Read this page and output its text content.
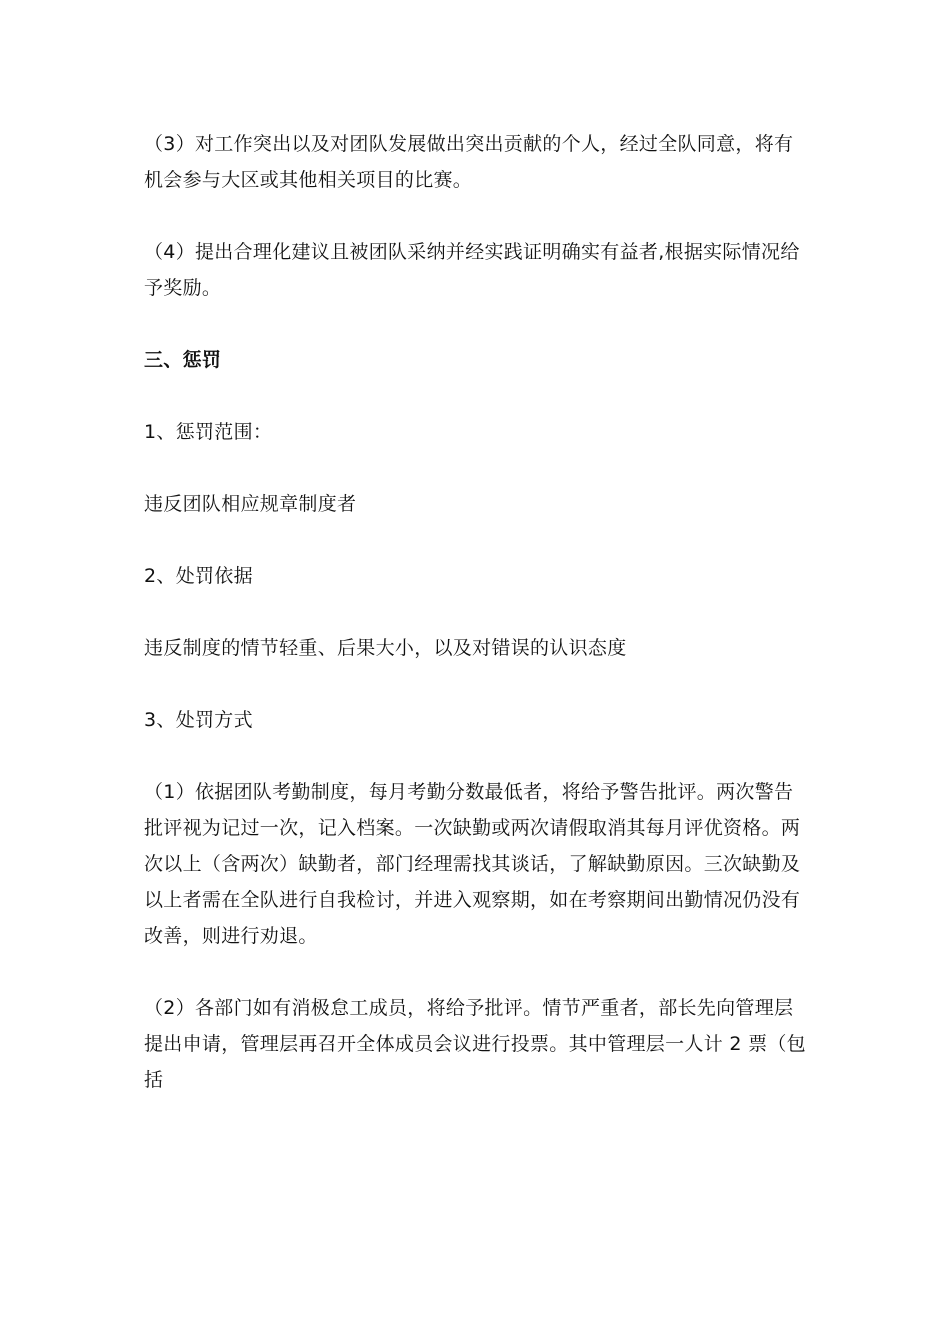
（3）对工作突出以及对团队发展做出突出贡献的个人，经过全队同意，将有机会参与大区或其他相关项目的比赛。

（4）提出合理化建议且被团队采纳并经实践证明确实有益者,根据实际情况给予奖励。

三、惩罚

1、惩罚范围：

违反团队相应规章制度者

2、处罚依据

违反制度的情节轻重、后果大小，以及对错误的认识态度

3、处罚方式

（1）依据团队考勤制度，每月考勤分数最低者，将给予警告批评。两次警告批评视为记过一次，记入档案。一次缺勤或两次请假取消其每月评优资格。两次以上（含两次）缺勤者，部门经理需找其谈话，了解缺勤原因。三次缺勤及以上者需在全队进行自我检讨，并进入观察期，如在考察期间出勤情况仍没有改善，则进行劝退。

（2）各部门如有消极怠工成员，将给予批评。情节严重者，部长先向管理层提出申请，管理层再召开全体成员会议进行投票。其中管理层一人计 2 票（包括
